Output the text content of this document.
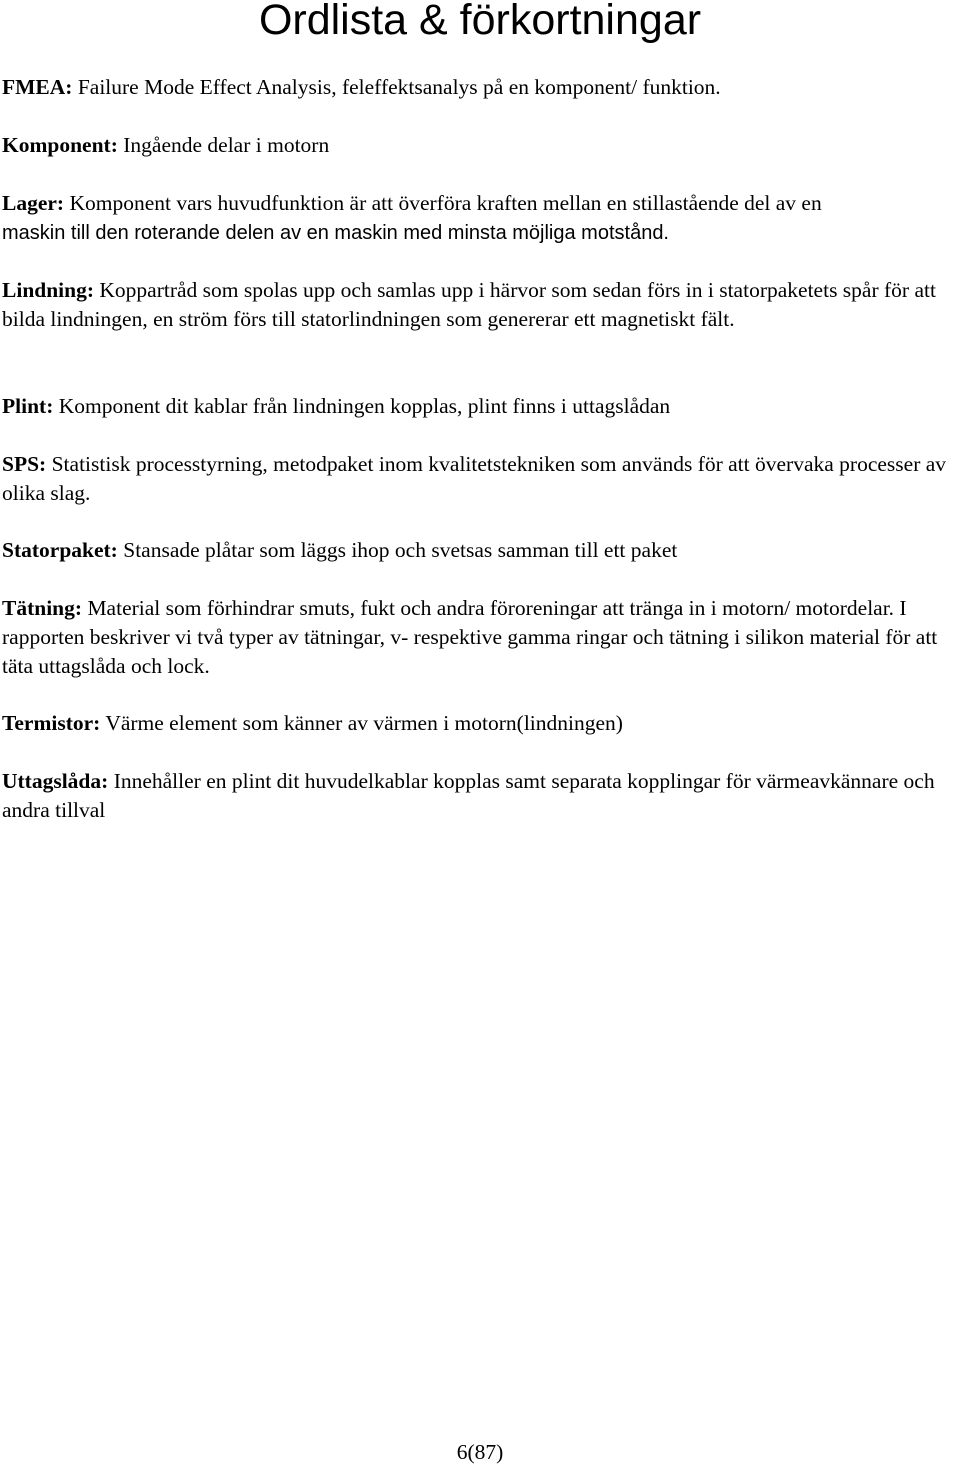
Ordlista & förkortningar

FMEA: Failure Mode Effect Analysis, feleffektsanalys på en komponent/ funktion.

Komponent: Ingående delar i motorn

Lager: Komponent vars huvudfunktion är att överföra kraften mellan en stillastående del av en
maskin till den roterande delen av en maskin med minsta möjliga motstånd.

Lindning: Koppartråd som spolas upp och samlas upp i härvor som sedan förs in i statorpaketets spår för att bilda lindningen, en ström förs till statorlindningen som genererar ett magnetiskt fält.

Plint: Komponent dit kablar från lindningen kopplas, plint finns i uttagslådan

SPS: Statistisk processtyrning, metodpaket inom kvalitetstekniken som används för att övervaka processer av olika slag.

Statorpaket: Stansade plåtar som läggs ihop och svetsas samman till ett paket

Tätning: Material som förhindrar smuts, fukt och andra föroreningar att tränga in i motorn/ motordelar. I rapporten beskriver vi två typer av tätningar, v- respektive gamma ringar och tätning i silikon material för att täta uttagslåda och lock.

Termistor: Värme element som känner av värmen i motorn(lindningen)

Uttagslåda: Innehåller en plint dit huvudelkablar kopplas samt separata kopplingar för värmeavkännare och andra tillval

6(87)
